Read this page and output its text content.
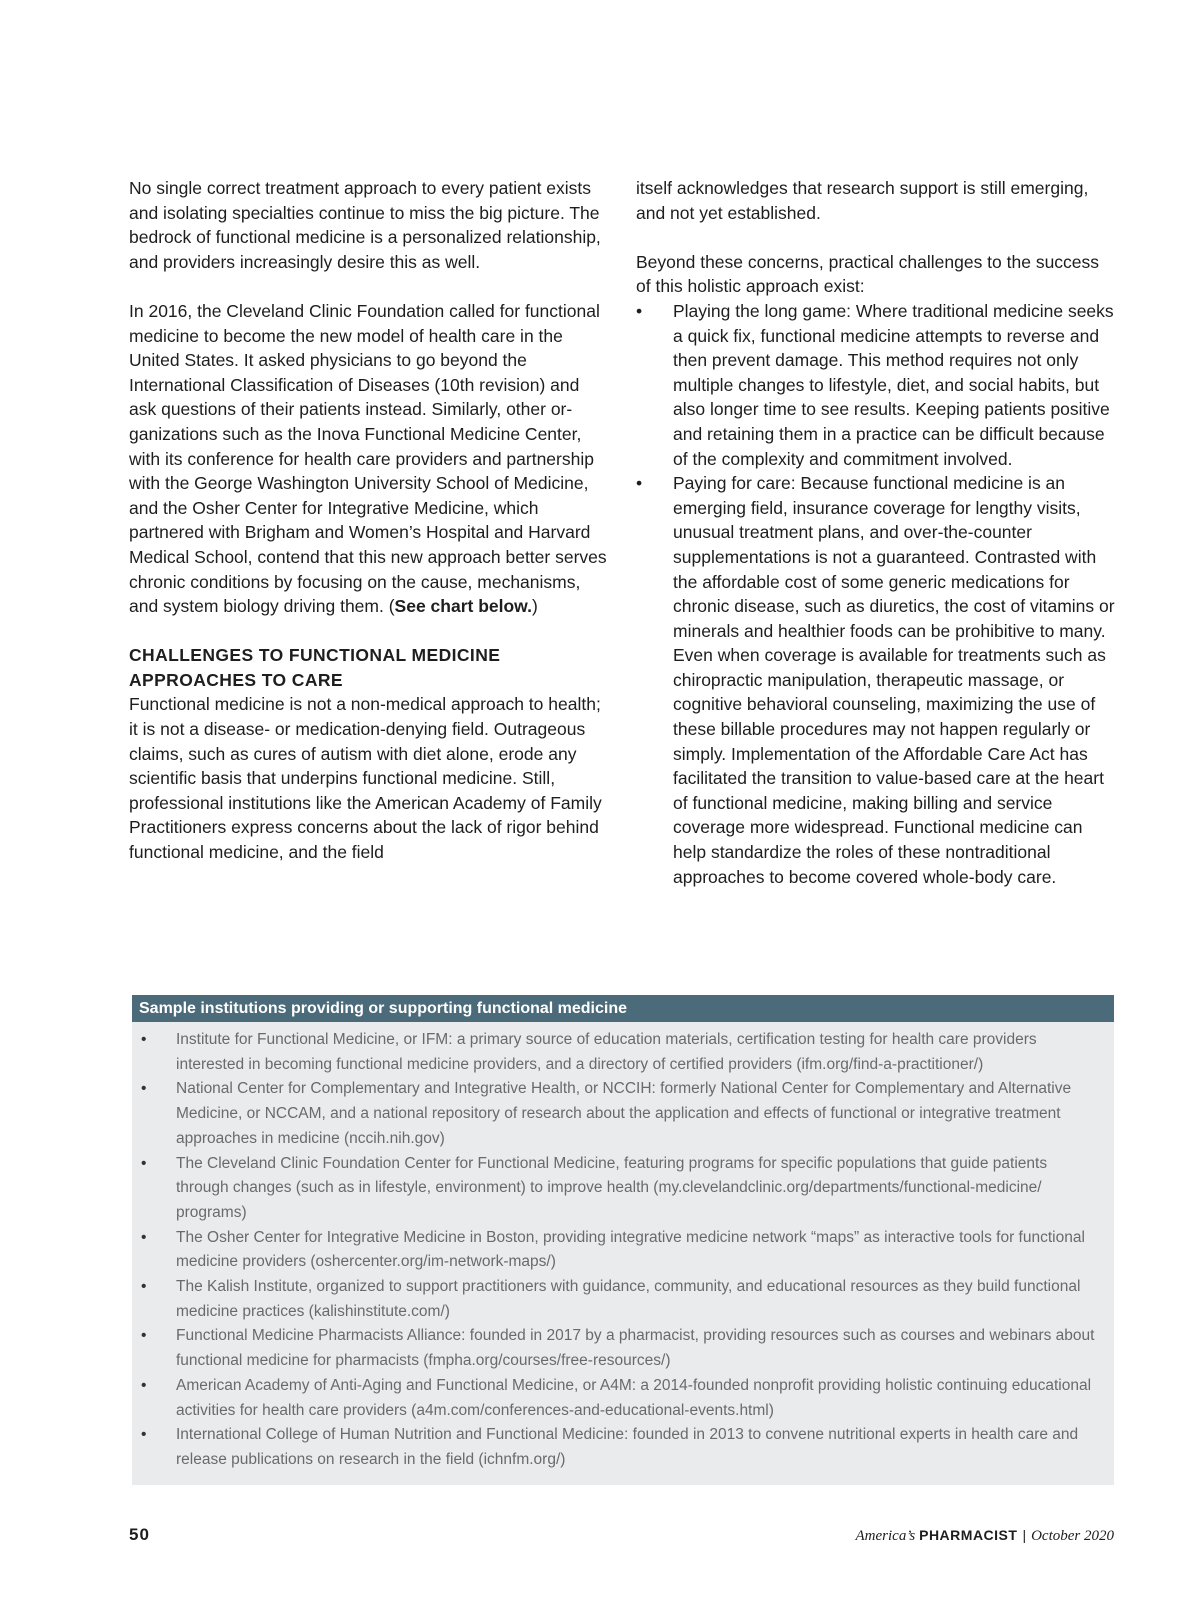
No single correct treatment approach to every patient exists and isolating specialties continue to miss the big picture. The bedrock of functional medicine is a personalized relationship, and providers increasingly desire this as well.

In 2016, the Cleveland Clinic Foundation called for functional medicine to become the new model of health care in the United States. It asked physicians to go beyond the International Classification of Diseases (10th revision) and ask questions of their patients instead. Similarly, other organizations such as the Inova Functional Medicine Center, with its conference for health care providers and partnership with the George Washington University School of Medicine, and the Osher Center for Integrative Medicine, which partnered with Brigham and Women’s Hospital and Harvard Medical School, contend that this new approach better serves chronic conditions by focusing on the cause, mechanisms, and system biology driving them. (See chart below.)

CHALLENGES TO FUNCTIONAL MEDICINE APPROACHES TO CARE

Functional medicine is not a non-medical approach to health; it is not a disease- or medication-denying field. Outrageous claims, such as cures of autism with diet alone, erode any scientific basis that underpins functional medicine. Still, professional institutions like the American Academy of Family Practitioners express concerns about the lack of rigor behind functional medicine, and the field

itself acknowledges that research support is still emerging, and not yet established.

Beyond these concerns, practical challenges to the success of this holistic approach exist:

• Playing the long game: Where traditional medicine seeks a quick fix, functional medicine attempts to reverse and then prevent damage. This method requires not only multiple changes to lifestyle, diet, and social habits, but also longer time to see results. Keeping patients positive and retaining them in a practice can be difficult because of the complexity and commitment involved.
• Paying for care: Because functional medicine is an emerging field, insurance coverage for lengthy visits, unusual treatment plans, and over-the-counter supplementations is not a guaranteed. Contrasted with the affordable cost of some generic medications for chronic disease, such as diuretics, the cost of vitamins or minerals and healthier foods can be prohibitive to many. Even when coverage is available for treatments such as chiropractic manipulation, therapeutic massage, or cognitive behavioral counseling, maximizing the use of these billable procedures may not happen regularly or simply. Implementation of the Affordable Care Act has facilitated the transition to value-based care at the heart of functional medicine, making billing and service coverage more widespread. Functional medicine can help standardize the roles of these nontraditional approaches to become covered whole-body care.
Sample institutions providing or supporting functional medicine
• Institute for Functional Medicine, or IFM: a primary source of education materials, certification testing for health care providers interested in becoming functional medicine providers, and a directory of certified providers (ifm.org/find-a-practitioner/)
• National Center for Complementary and Integrative Health, or NCCIH: formerly National Center for Complementary and Alternative Medicine, or NCCAM, and a national repository of research about the application and effects of functional or integrative treatment approaches in medicine (nccih.nih.gov)
• The Cleveland Clinic Foundation Center for Functional Medicine, featuring programs for specific populations that guide patients through changes (such as in lifestyle, environment) to improve health (my.clevelandclinic.org/departments/functional-medicine/ programs)
• The Osher Center for Integrative Medicine in Boston, providing integrative medicine network “maps” as interactive tools for functional medicine providers (oshercenter.org/im-network-maps/)
• The Kalish Institute, organized to support practitioners with guidance, community, and educational resources as they build functional medicine practices (kalishinstitute.com/)
• Functional Medicine Pharmacists Alliance: founded in 2017 by a pharmacist, providing resources such as courses and webinars about functional medicine for pharmacists (fmpha.org/courses/free-resources/)
• American Academy of Anti-Aging and Functional Medicine, or A4M: a 2014-founded nonprofit providing holistic continuing educational activities for health care providers (a4m.com/conferences-and-educational-events.html)
• International College of Human Nutrition and Functional Medicine: founded in 2013 to convene nutritional experts in health care and release publications on research in the field (ichnfm.org/)
50	America’s PHARMACIST | October 2020
